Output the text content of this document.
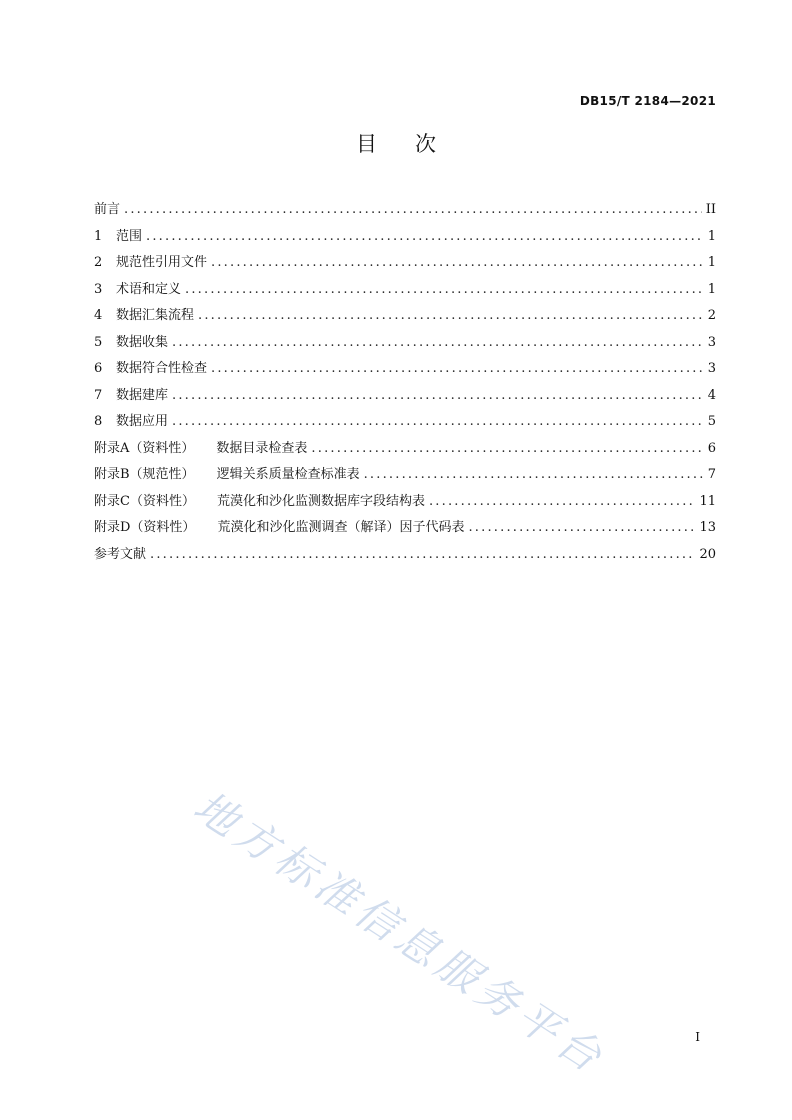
DB15/T 2184—2021
目次
前言 .....	II
1	范围 .....	1
2	规范性引用文件 .....	1
3	术语和定义 .....	1
4	数据汇集流程 .....	2
5	数据收集 .....	3
6	数据符合性检查 .....	3
7	数据建库 .....	4
8	数据应用 .....	5
附录A（资料性） 数据目录检查表 .....	6
附录B（规范性） 逻辑关系质量检查标准表 .....	7
附录C（资料性） 荒漠化和沙化监测数据库字段结构表 .....	11
附录D（资料性） 荒漠化和沙化监测调查（解译）因子代码表 .....	13
参考文献 .....	20
地方标准信息服务平台	I
